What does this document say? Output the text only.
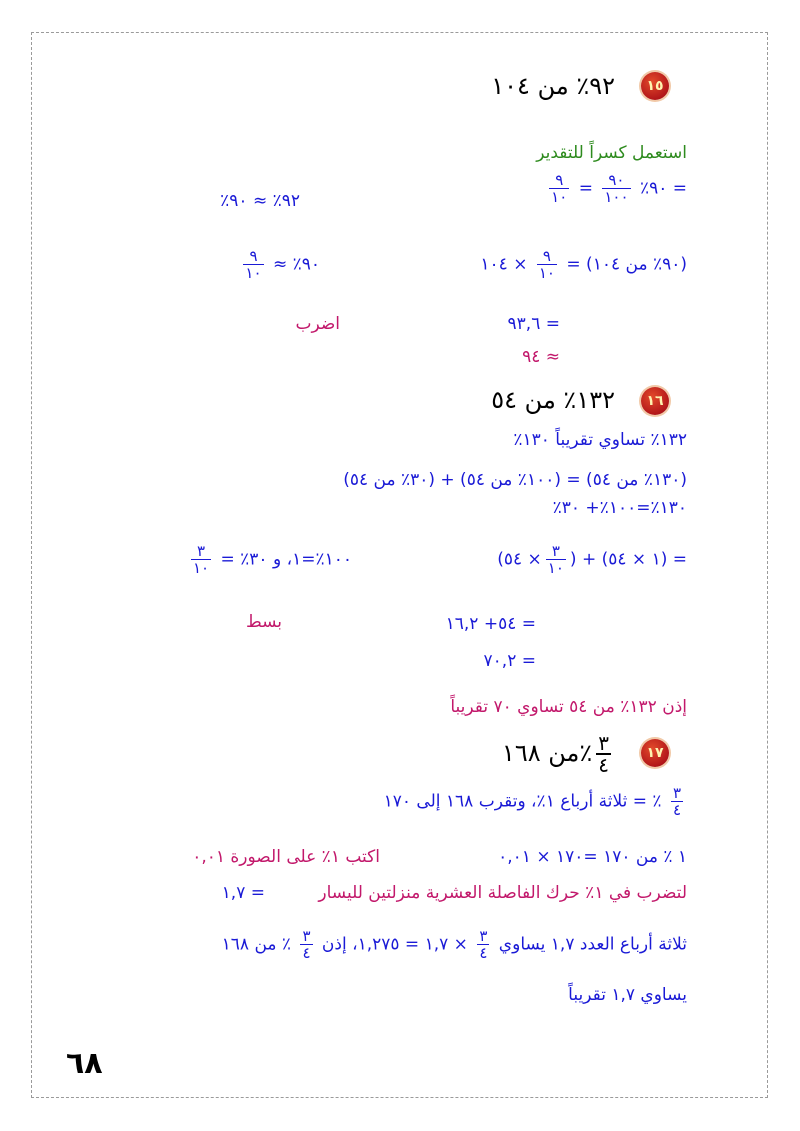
١٥
٩٢٪ من ١٠٤
استعمل كسراً للتقدير
= ٩٠٪
$\frac{٩٠}{١٠٠}$
=
$\frac{٩}{١٠}$
٩٢٪ ≈ ٩٠٪
(٩٠٪ من ١٠٤) =
$\frac{٩}{١٠}$
× ١٠٤
٩٠٪ ≈
$\frac{٩}{١٠}$
= ٩٣,٦
اضرب
≈ ٩٤
١٦
١٣٢٪ من ٥٤
١٣٢٪ تساوي تقريباً ١٣٠٪
(١٣٠٪ من ٥٤) = (١٠٠٪ من ٥٤) + (٣٠٪ من ٥٤)
١٣٠٪=١٠٠٪+ ٣٠٪
= (١ × ٥٤) + (
$\frac{٣}{١٠}$
× ٥٤)
١٠٠٪=١، و ٣٠٪ =
$\frac{٣}{١٠}$
= ٥٤+ ١٦,٢
بسط
= ٧٠,٢
إذن ١٣٢٪ من ٥٤ تساوي ٧٠ تقريباً
١٧
$\frac{٣}{٤}$
٪من ١٦٨
$\frac{٣}{٤}$
٪ = ثلاثة أرباع ١٪، وتقرب ١٦٨ إلى ١٧٠
١ ٪ من ١٧٠ =١٧٠ × ٠,٠١
اكتب ١٪ على الصورة ٠,٠١
= ١,٧	لتضرب في ١٪ حرك الفاصلة العشرية منزلتين لليسار
ثلاثة أرباع العدد ١,٧ يساوي
$\frac{٣}{٤}$
× ١,٧ = ١,٢٧٥، إذن
$\frac{٣}{٤}$
٪ من ١٦٨
يساوي ١,٧ تقريباً
٦٨
